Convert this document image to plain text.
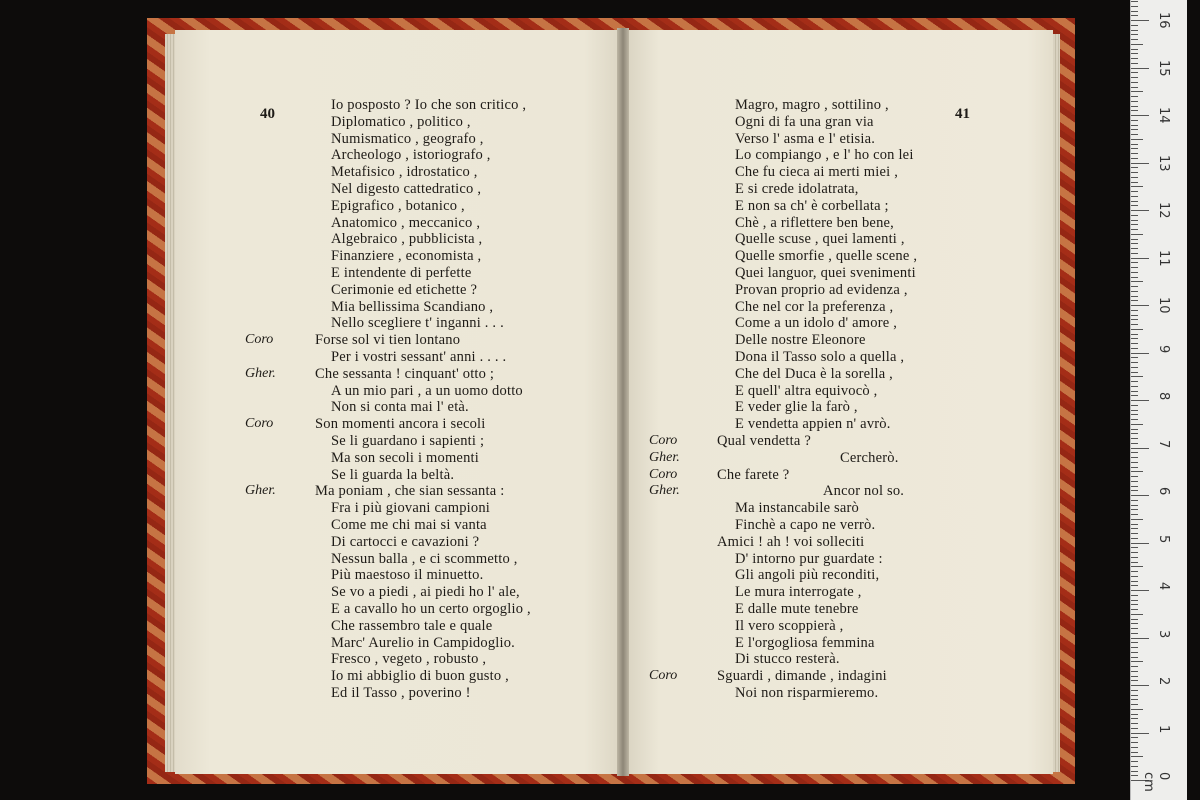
40
Io posposto ? Io che son critico ,
Diplomatico , politico ,
Numismatico , geografo ,
Archeologo , istoriografo ,
Metafisico , idrostatico ,
Nel digesto cattedratico ,
Epigrafico , botanico ,
Anatomico , meccanico ,
Algebraico , pubblicista ,
Finanziere , economista ,
E intendente di perfette
Cerimonie ed etichette ?
Mia bellissima Scandiano ,
Nello scegliere t' inganni . . .
Coro	Forse sol vi tien lontano
Per i vostri sessant' anni . . . .
Gher.	Che sessanta ! cinquant' otto ;
A un mio pari , a un uomo dotto
Non si conta mai l' età.
Coro	Son momenti ancora i secoli
Se li guardano i sapienti ;
Ma son secoli i momenti
Se li guarda la beltà.
Gher.	Ma poniam , che sian sessanta :
Fra i più giovani campioni
Come me chi mai si vanta
Di cartocci e cavazioni ?
Nessun balla , e ci scommetto ,
Più maestoso il minuetto.
Se vo a piedi , ai piedi ho l' ale,
E a cavallo ho un certo orgoglio ,
Che rassembro tale e quale
Marc' Aurelio in Campidoglio.
Fresco , vegeto , robusto ,
Io mi abbiglio di buon gusto ,
Ed il Tasso , poverino !
41
Magro, magro , sottilino ,
Ogni di fa una gran via
Verso l' asma e l' etisia.
Lo compiango , e l' ho con lei
Che fu cieca ai merti miei ,
E si crede idolatrata,
E non sa ch' è corbellata ;
Chè , a riflettere ben bene,
Quelle scuse , quei lamenti ,
Quelle smorfie , quelle scene ,
Quei languor, quei svenimenti
Provan proprio ad evidenza ,
Che nel cor la preferenza ,
Come a un idolo d' amore ,
Delle nostre Eleonore
Dona il Tasso solo a quella ,
Che del Duca è la sorella ,
E quell' altra equivocò ,
E veder glie la farò ,
E vendetta appien n' avrò.
Coro	Qual vendetta ?
Gher.	Cercherò.
Coro	Che farete ?
Gher.	Ancor nol so.
Ma instancabile sarò
Finchè a capo ne verrò.
Amici ! ah ! voi solleciti
D' intorno pur guardate :
Gli angoli più reconditi,
Le mura interrogate ,
E dalle mute tenebre
Il vero scoppierà ,
E l'orgogliosa femmina
Di stucco resterà.
Coro	Sguardi , dimande , indagini
Noi non risparmieremo.
0 cm
1
2
3
4
5
6
7
8
9
10
11
12
13
14
15
16
